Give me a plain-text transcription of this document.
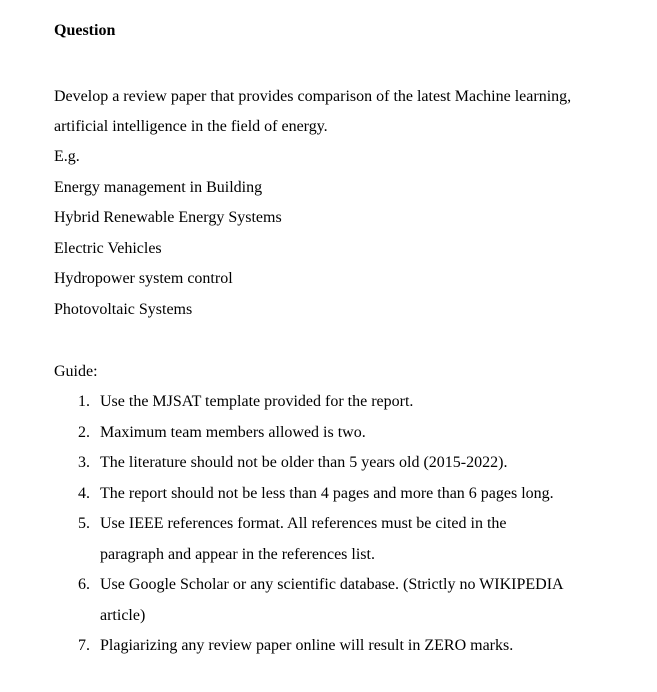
Question
Develop a review paper that provides comparison of the latest Machine learning,
artificial intelligence in the field of energy.
E.g.
Energy management in Building
Hybrid Renewable Energy Systems
Electric Vehicles
Hydropower system control
Photovoltaic Systems
Guide:
1. Use the MJSAT template provided for the report.
2. Maximum team members allowed is two.
3. The literature should not be older than 5 years old (2015-2022).
4. The report should not be less than 4 pages and more than 6 pages long.
5. Use IEEE references format. All references must be cited in the
paragraph and appear in the references list.
6. Use Google Scholar or any scientific database. (Strictly no WIKIPEDIA
article)
7. Plagiarizing any review paper online will result in ZERO marks.
